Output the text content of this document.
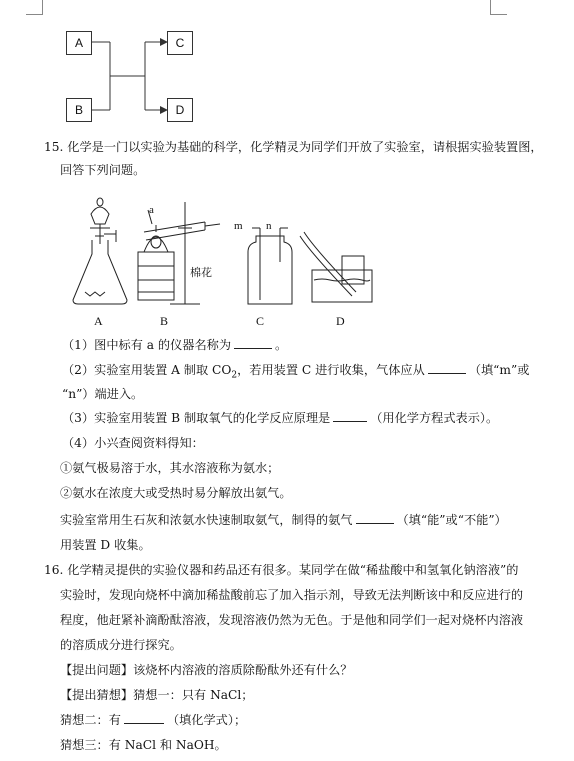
A
B
C
D
15. 化学是一门以实验为基础的科学，化学精灵为同学们开放了实验室，请根据实验装置图，
回答下列问题。
A	B	C	D
a
m n
棉花
（1）图中标有 a 的仪器名称为	。
（2）实验室用装置 A 制取 $CO_2$，若用装置 C 进行收集，气体应从	（填“m”或
“n”）端进入。
（3）实验室用装置 B 制取氧气的化学反应原理是	（用化学方程式表示）。
（4）小兴查阅资料得知：
①氨气极易溶于水，其水溶液称为氨水；
②氨水在浓度大或受热时易分解放出氨气。
实验室常用生石灰和浓氨水快速制取氨气，制得的氨气	（填“能”或“不能”）
用装置 D 收集。
16. 化学精灵提供的实验仪器和药品还有很多。某同学在做“稀盐酸中和氢氧化钠溶液”的
实验时，发现向烧杯中滴加稀盐酸前忘了加入指示剂，导致无法判断该中和反应进行的
程度，他赶紧补滴酚酞溶液，发现溶液仍然为无色。于是他和同学们一起对烧杯内溶液
的溶质成分进行探究。
【提出问题】该烧杯内溶液的溶质除酚酞外还有什么？
【提出猜想】猜想一：只有 NaCl；
猜想二：有	（填化学式）；
猜想三：有 NaCl 和 NaOH。
